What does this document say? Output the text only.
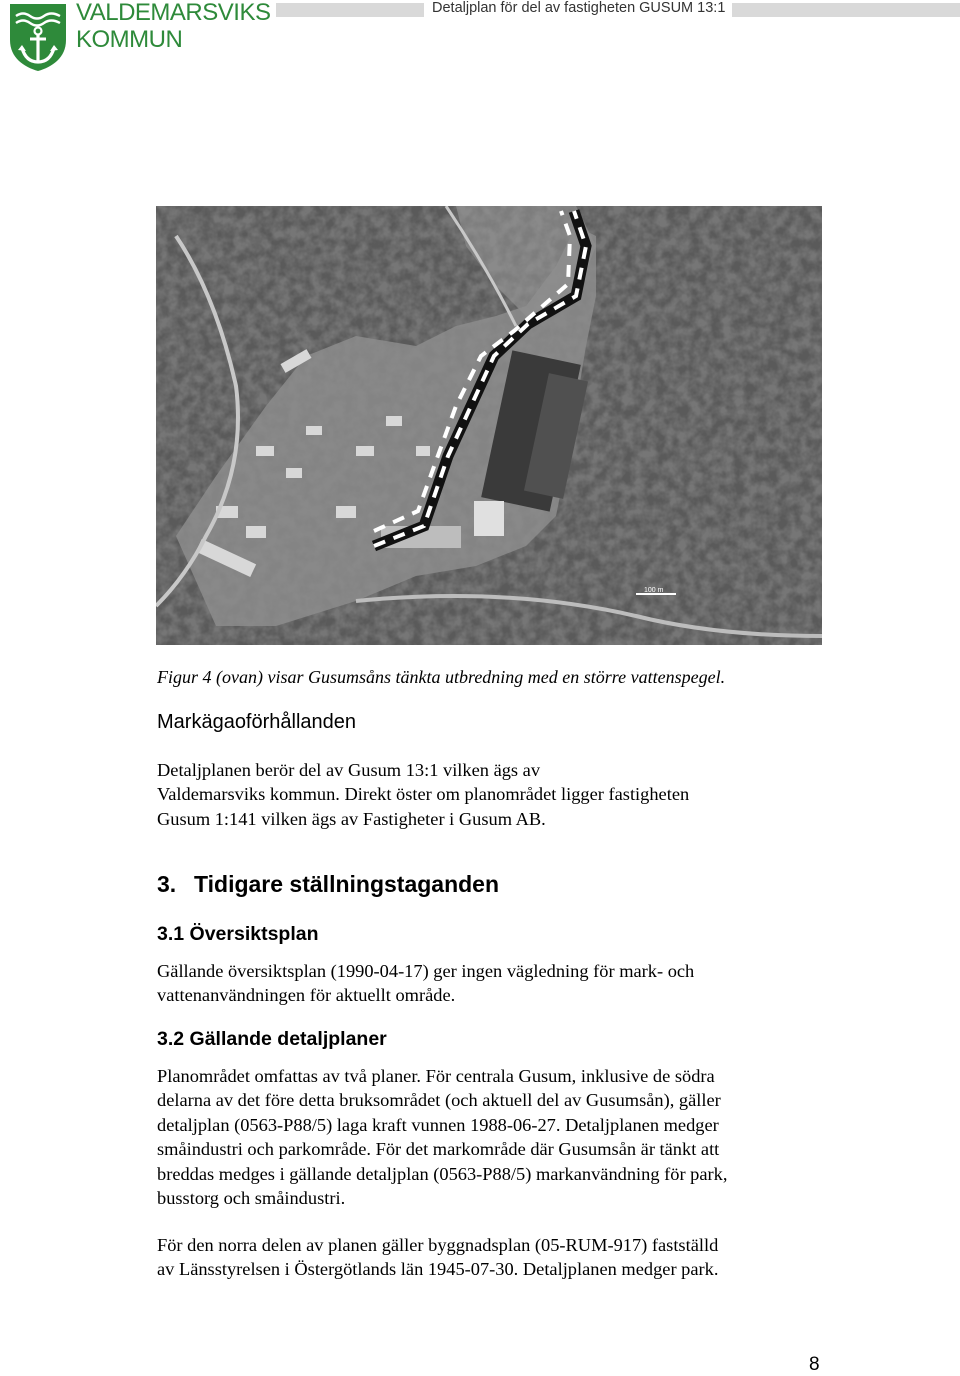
VALDEMARSVIKS
KOMMUN
Detaljplan för del av fastigheten GUSUM 13:1
100 m
Figur 4 (ovan) visar Gusumsåns tänkta utbredning med en större vattenspegel.
Markägaoförhållanden
Detaljplanen berör del av Gusum 13:1 vilken ägs av
Valdemarsviks kommun. Direkt öster om planområdet ligger fastigheten
Gusum 1:141 vilken ägs av Fastigheter i Gusum AB.
3. Tidigare ställningstaganden
3.1 Översiktsplan
Gällande översiktsplan (1990-04-17) ger ingen vägledning för mark- och
vattenanvändningen för aktuellt område.
3.2 Gällande detaljplaner
Planområdet omfattas av två planer. För centrala Gusum, inklusive de södra
delarna av det före detta bruksområdet (och aktuell del av Gusumsån), gäller
detaljplan (0563-P88/5) laga kraft vunnen 1988-06-27. Detaljplanen medger
småindustri och parkområde. För det markområde där Gusumsån är tänkt att
breddas medges i gällande detaljplan (0563-P88/5) markanvändning för park,
busstorg och småindustri.
För den norra delen av planen gäller byggnadsplan (05-RUM-917) fastställd
av Länsstyrelsen i Östergötlands län 1945-07-30. Detaljplanen medger park.
8
